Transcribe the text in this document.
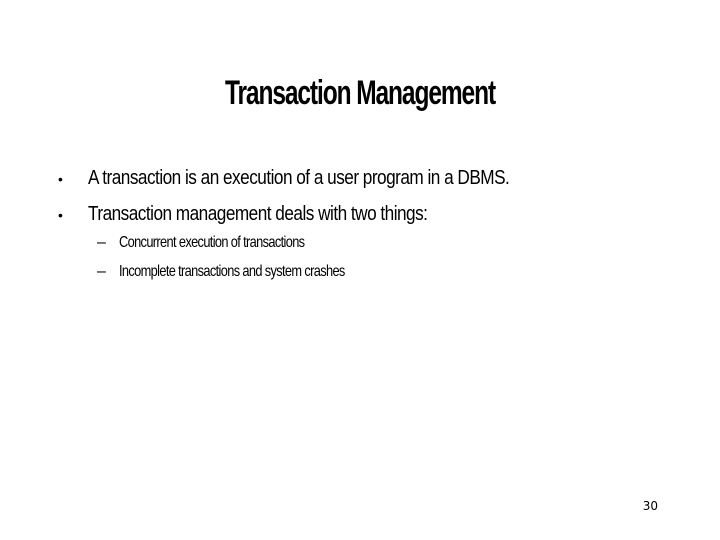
Transaction Management
• A transaction is an execution of a user program in a DBMS.
• Transaction management deals with two things:
– Concurrent execution of transactions
– Incomplete transactions and system crashes
30
